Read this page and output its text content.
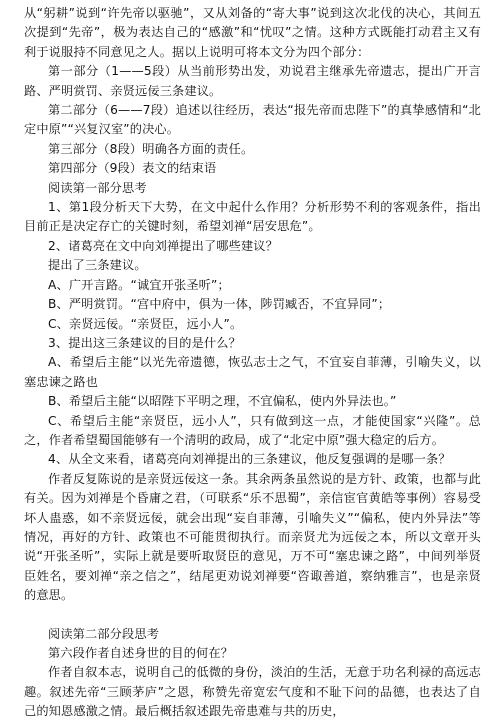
从“躬耕”说到“许先帝以驱驰”，又从刘备的“寄大事”说到这次北伐的决心，其间五次提到“先帝”，极为表达自己的“感激”和“忧叹”之情。这种方式既能打动君主又有利于说服持不同意见之人。据以上说明可将本文分为四个部分：

第一部分（1——5段）从当前形势出发，劝说君主继承先帝遗志，提出广开言路、严明赏罚、亲贤远佞三条建议。

第二部分（6——7段）追述以往经历，表达“报先帝而忠陛下”的真挚感情和“北定中原”“兴复汉室”的决心。

第三部分（8段）明确各方面的责任。

第四部分（9段）表文的结束语

阅读第一部分思考

1、第1段分析天下大势，在文中起什么作用？分析形势不利的客观条件，指出目前正是决定存亡的关键时刻，希望刘禅“居安思危”。

2、诸葛亮在文中向刘禅提出了哪些建议？

提出了三条建议。

A、广开言路。“诚宜开张圣听”；

B、严明赏罚。“宫中府中，俱为一体，陟罚臧否，不宜异同”；

C、亲贤远佞。“亲贤臣，远小人”。

3、提出这三条建议的目的是什么？

A、希望后主能“以光先帝遗德，恢弘志士之气，不宜妄自菲薄，引喻失义，以塞忠谏之路也

B、希望后主能“以昭陛下平明之理，不宜偏私，使内外异法也。”

C、希望后主能“亲贤臣，远小人”，只有做到这一点，才能使国家“兴隆”。总之，作者希望蜀国能够有一个清明的政局，成了“北定中原”强大稳定的后方。

4、从全文来看，诸葛亮向刘禅提出的三条建议，他反复强调的是哪一条？

作者反复陈说的是亲贤远佞这一条。其余两条虽然说的是方针、政策，也都与此有关。因为刘禅是个昏庸之君，（可联系“乐不思蜀”，亲信宦官黄皓等事例）容易受坏人蛊惑，如不亲贤远佞，就会出现“妄自菲薄，引喻失义”“偏私，使内外异法”等情况，再好的方针、政策也不可能贯彻执行。而亲贤尤为远佞之本，所以文章开头说“开张圣听”，实际上就是要听取贤臣的意见，万不可“塞忠谏之路”，中间列举贤臣姓名，要刘禅“亲之信之”，结尾更劝说刘禅要“咨诹善道，察纳雅言”，也是亲贤的意思。

阅读第二部分段思考

第六段作者自述身世的目的何在？

作者自叙本志，说明自己的低微的身份，淡泊的生活，无意于功名利禄的高远志趣。叙述先帝“三顾茅庐”之恩，称赞先帝宽宏气度和不耻下问的品德，也表达了自己的知恩感激之情。最后概括叙述跟先帝患难与共的历史，
